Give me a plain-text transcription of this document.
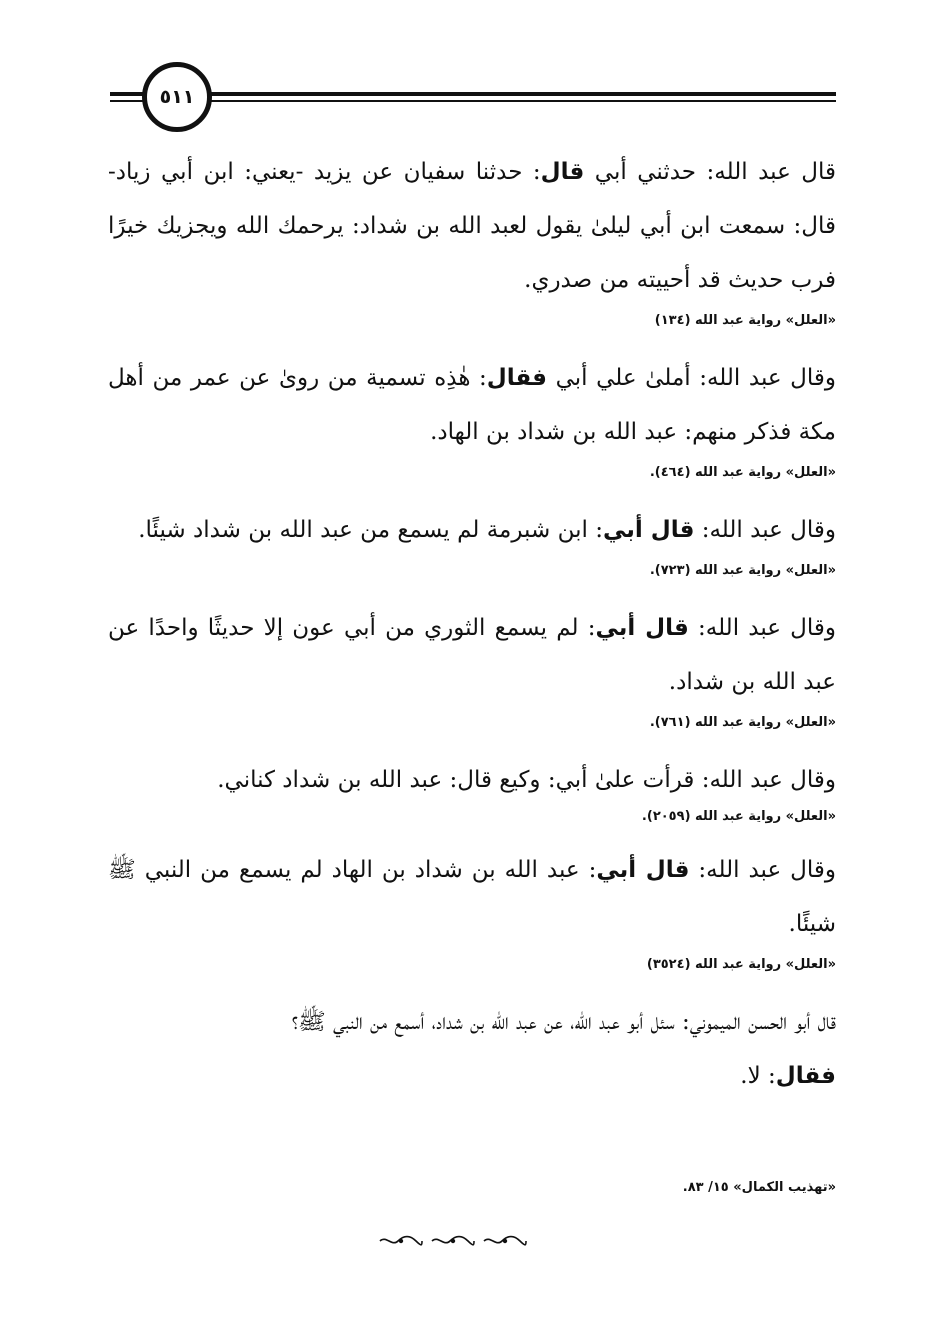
٥١١

قال عبد الله: حدثني أبي قال: حدثنا سفيان عن يزيد -يعني: ابن أبي زياد- قال: سمعت ابن أبي ليلىٰ يقول لعبد الله بن شداد: يرحمك الله ويجزيك خيرًا فرب حديث قد أحييته من صدري.

«العلل» رواية عبد الله (١٣٤)

وقال عبد الله: أملىٰ علي أبي فقال: هٰذِه تسمية من روىٰ عن عمر من أهل مكة فذكر منهم: عبد الله بن شداد بن الهاد.

«العلل» رواية عبد الله (٤٦٤).

وقال عبد الله: قال أبي: ابن شبرمة لم يسمع من عبد الله بن شداد شيئًا.

«العلل» رواية عبد الله (٧٢٣).

وقال عبد الله: قال أبي: لم يسمع الثوري من أبي عون إلا حديثًا واحدًا عن عبد الله بن شداد.

«العلل» رواية عبد الله (٧٦١).

وقال عبد الله: قرأت علىٰ أبي: وكيع قال: عبد الله بن شداد كناني.

«العلل» رواية عبد الله (٢٠٥٩).

وقال عبد الله: قال أبي: عبد الله بن شداد بن الهاد لم يسمع من النبي ﷺ شيئًا.

«العلل» رواية عبد الله (٣٥٢٤)

قال أبو الحسن الميموني: سئل أبو عبد الله، عن عبد الله بن شداد، أسمع من النبي ﷺ؟

فقال: لا.

«تهذيب الكمال» ١٥/ ٨٣.
